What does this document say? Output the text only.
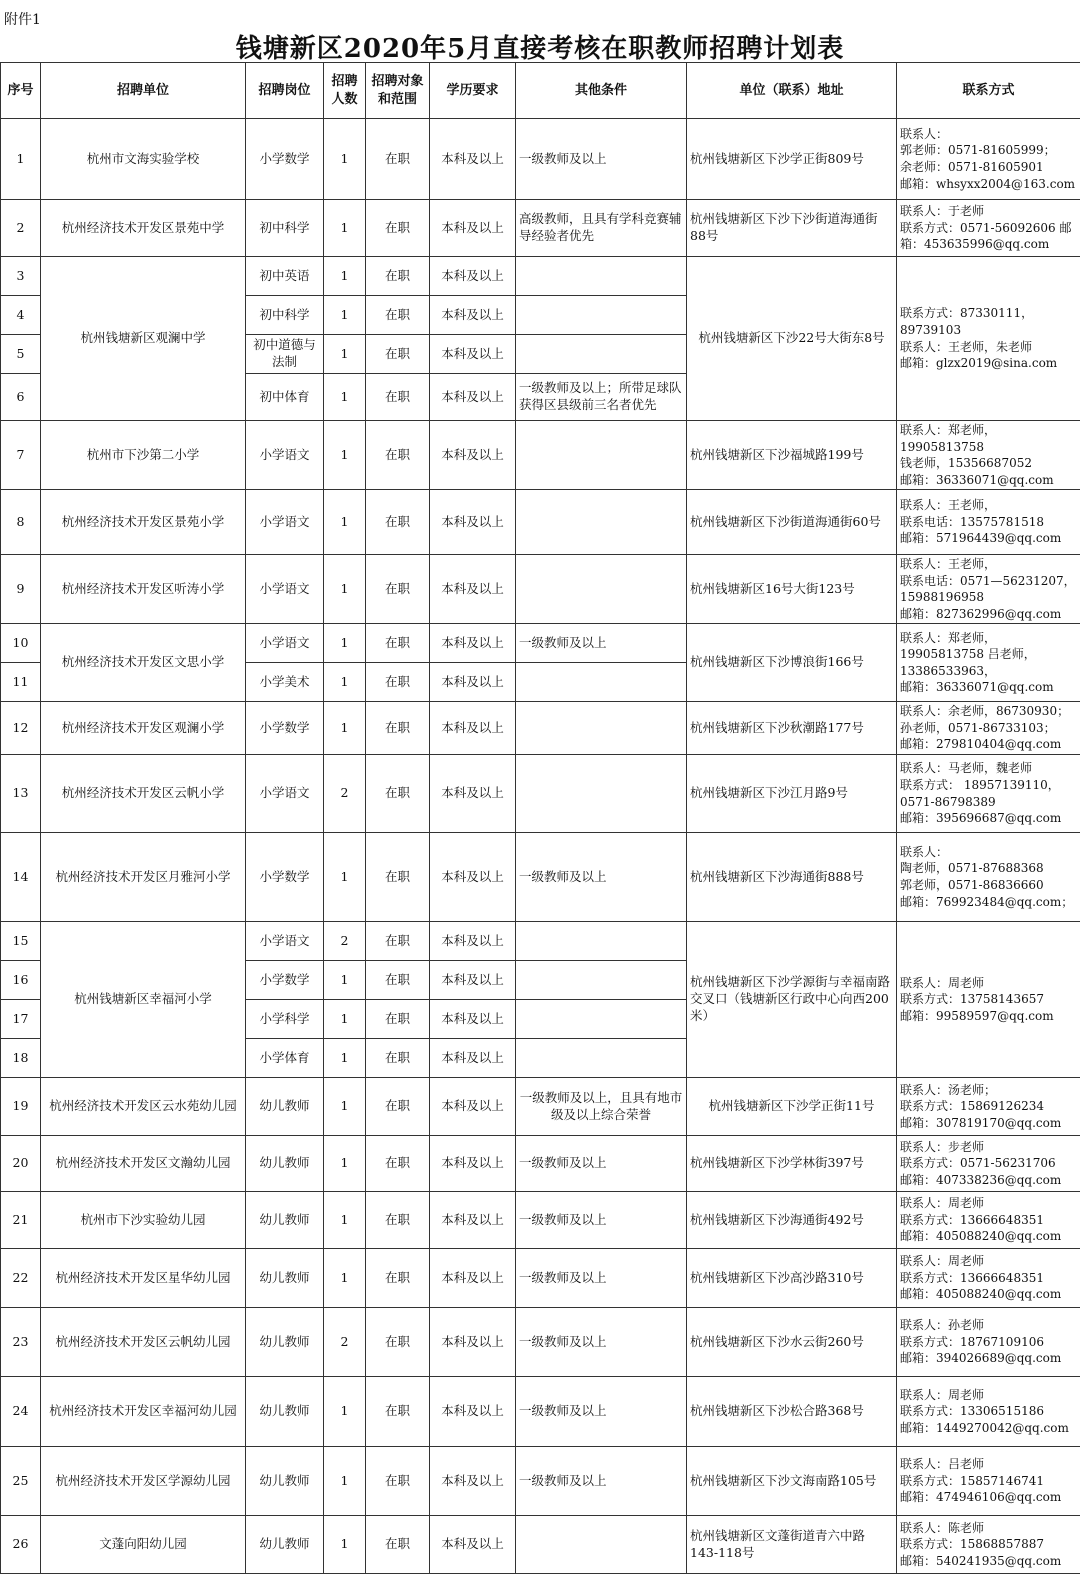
附件1
钱塘新区2020年5月直接考核在职教师招聘计划表
序号	招聘单位	招聘岗位	招聘人数	招聘对象和范围	学历要求	其他条件	单位（联系）地址	联系方式
1	杭州市文海实验学校	小学数学	1	在职	本科及以上	一级教师及以上	杭州钱塘新区下沙学正街809号	联系人：
郭老师：0571-81605999；
余老师：0571-81605901
邮箱：whsyxx2004@163.com
2	杭州经济技术开发区景苑中学	初中科学	1	在职	本科及以上	高级教师，且具有学科竞赛辅导经验者优先	杭州钱塘新区下沙下沙街道海通街88号	联系人：于老师
联系方式：0571-56092606 邮箱：453635996@qq.com
3	杭州钱塘新区观澜中学	初中英语	1	在职	本科及以上		杭州钱塘新区下沙22号大街东8号	联系方式：87330111，
89739103
联系人：王老师，朱老师
邮箱：glzx2019@sina.com
4		初中科学	1	在职	本科及以上			
5		初中道德与法制	1	在职	本科及以上			
6		初中体育	1	在职	本科及以上	一级教师及以上；所带足球队获得区县级前三名者优先		
7	杭州市下沙第二小学	小学语文	1	在职	本科及以上		杭州钱塘新区下沙福城路199号	联系人：郑老师，
19905813758
钱老师，15356687052
邮箱：36336071@qq.com
8	杭州经济技术开发区景苑小学	小学语文	1	在职	本科及以上		杭州钱塘新区下沙街道海通街60号	联系人：王老师，
联系电话：13575781518
邮箱：571964439@qq.com
9	杭州经济技术开发区听涛小学	小学语文	1	在职	本科及以上		杭州钱塘新区16号大街123号	联系人：王老师，
联系电话：0571—56231207，
15988196958
邮箱：827362996@qq.com
10	杭州经济技术开发区文思小学	小学语文	1	在职	本科及以上	一级教师及以上	杭州钱塘新区下沙博浪街166号	联系人：郑老师，
19905813758 吕老师，
13386533963，
邮箱：36336071@qq.com
11		小学美术	1	在职	本科及以上			
12	杭州经济技术开发区观澜小学	小学数学	1	在职	本科及以上		杭州钱塘新区下沙秋潮路177号	联系人：余老师，86730930；
孙老师，0571-86733103；
邮箱：279810404@qq.com
13	杭州经济技术开发区云帆小学	小学语文	2	在职	本科及以上		杭州钱塘新区下沙江月路9号	联系人：马老师，魏老师
联系方式： 18957139110，
0571-86798389
邮箱：395696687@qq.com
14	杭州经济技术开发区月雅河小学	小学数学	1	在职	本科及以上	一级教师及以上	杭州钱塘新区下沙海通街888号	联系人：
陶老师，0571-87688368
郭老师，0571-86836660
邮箱：769923484@qq.com；
15	杭州钱塘新区幸福河小学	小学语文	2	在职	本科及以上		杭州钱塘新区下沙学源街与幸福南路交叉口（钱塘新区行政中心向西200米）	联系人：周老师
联系方式：13758143657
邮箱：99589597@qq.com
16		小学数学	1	在职	本科及以上			
17		小学科学	1	在职	本科及以上			
18		小学体育	1	在职	本科及以上			
19	杭州经济技术开发区云水苑幼儿园	幼儿教师	1	在职	本科及以上	一级教师及以上，且具有地市级及以上综合荣誉	杭州钱塘新区下沙学正街11号	联系人：汤老师；
联系方式：15869126234
邮箱：307819170@qq.com
20	杭州经济技术开发区文瀚幼儿园	幼儿教师	1	在职	本科及以上	一级教师及以上	杭州钱塘新区下沙学林街397号	联系人：步老师
联系方式：0571-56231706
邮箱：407338236@qq.com
21	杭州市下沙实验幼儿园	幼儿教师	1	在职	本科及以上	一级教师及以上	杭州钱塘新区下沙海通街492号	联系人：周老师
联系方式：13666648351
邮箱：405088240@qq.com
22	杭州经济技术开发区星华幼儿园	幼儿教师	1	在职	本科及以上	一级教师及以上	杭州钱塘新区下沙高沙路310号	联系人：周老师
联系方式：13666648351
邮箱：405088240@qq.com
23	杭州经济技术开发区云帆幼儿园	幼儿教师	2	在职	本科及以上	一级教师及以上	杭州钱塘新区下沙水云街260号	联系人：孙老师
联系方式：18767109106
邮箱：394026689@qq.com
24	杭州经济技术开发区幸福河幼儿园	幼儿教师	1	在职	本科及以上	一级教师及以上	杭州钱塘新区下沙松合路368号	联系人：周老师
联系方式：13306515186
邮箱：1449270042@qq.com
25	杭州经济技术开发区学源幼儿园	幼儿教师	1	在职	本科及以上	一级教师及以上	杭州钱塘新区下沙文海南路105号	联系人：吕老师
联系方式：15857146741
邮箱：474946106@qq.com
26	文蓬向阳幼儿园	幼儿教师	1	在职	本科及以上		杭州钱塘新区文蓬街道青六中路143-118号	联系人：陈老师
联系方式：15868857887
邮箱：540241935@qq.com
